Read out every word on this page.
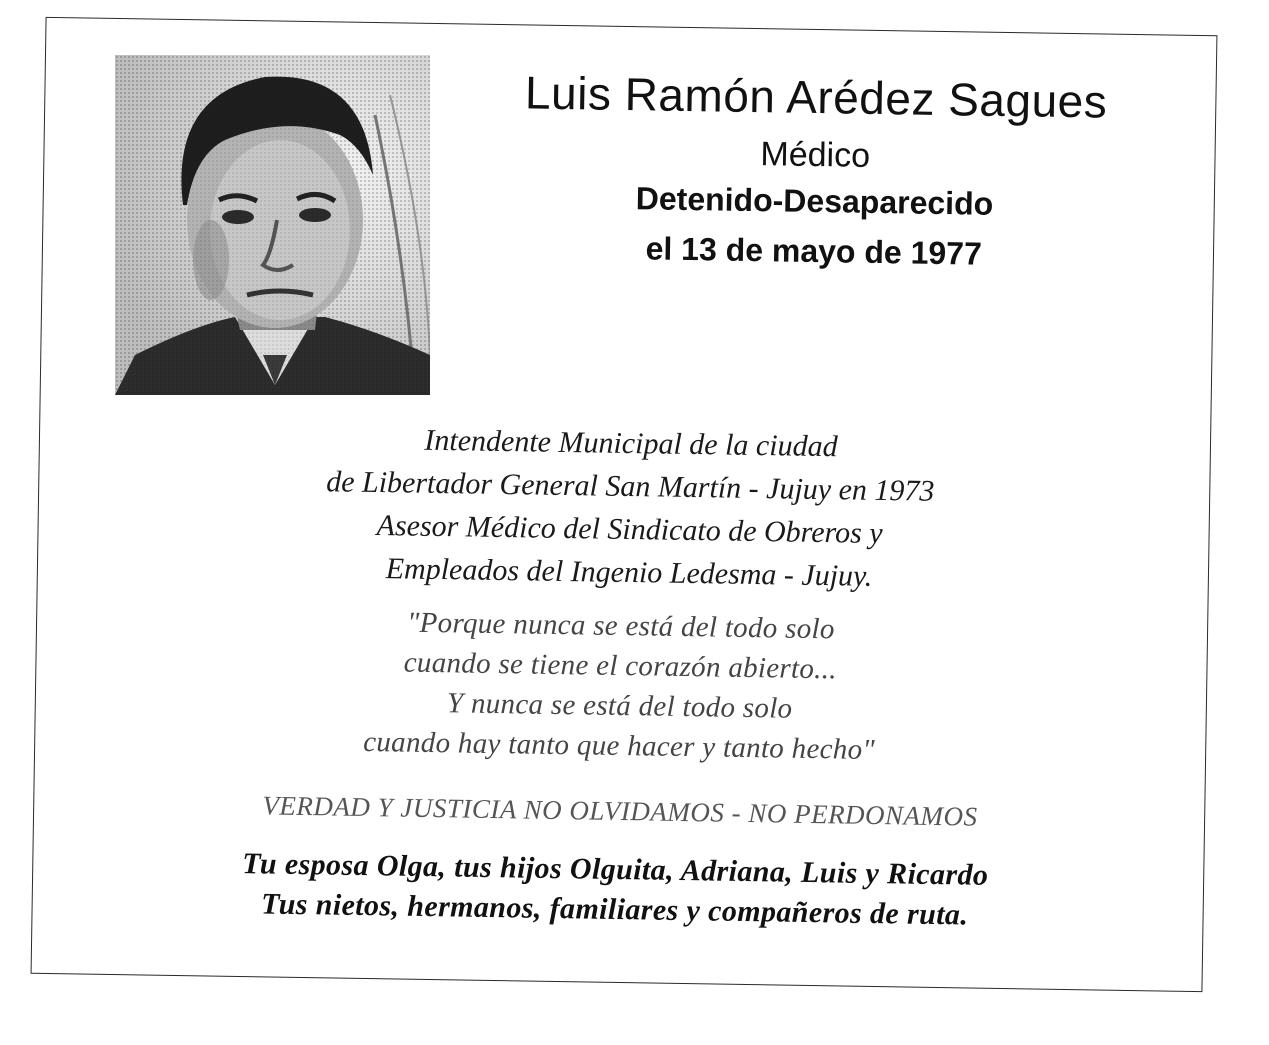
Luis Ramón Arédez Sagues
Médico
Detenido-Desaparecido
el 13 de mayo de 1977
Intendente Municipal de la ciudad
de Libertador General San Martín - Jujuy en 1973
Asesor Médico del Sindicato de Obreros y
Empleados del Ingenio Ledesma - Jujuy.
"Porque nunca se está del todo solo
cuando se tiene el corazón abierto...
Y nunca se está del todo solo
cuando hay tanto que hacer y tanto hecho"
VERDAD Y JUSTICIA NO OLVIDAMOS - NO PERDONAMOS
Tu esposa Olga, tus hijos Olguita, Adriana, Luis y Ricardo
Tus nietos, hermanos, familiares y compañeros de ruta.
